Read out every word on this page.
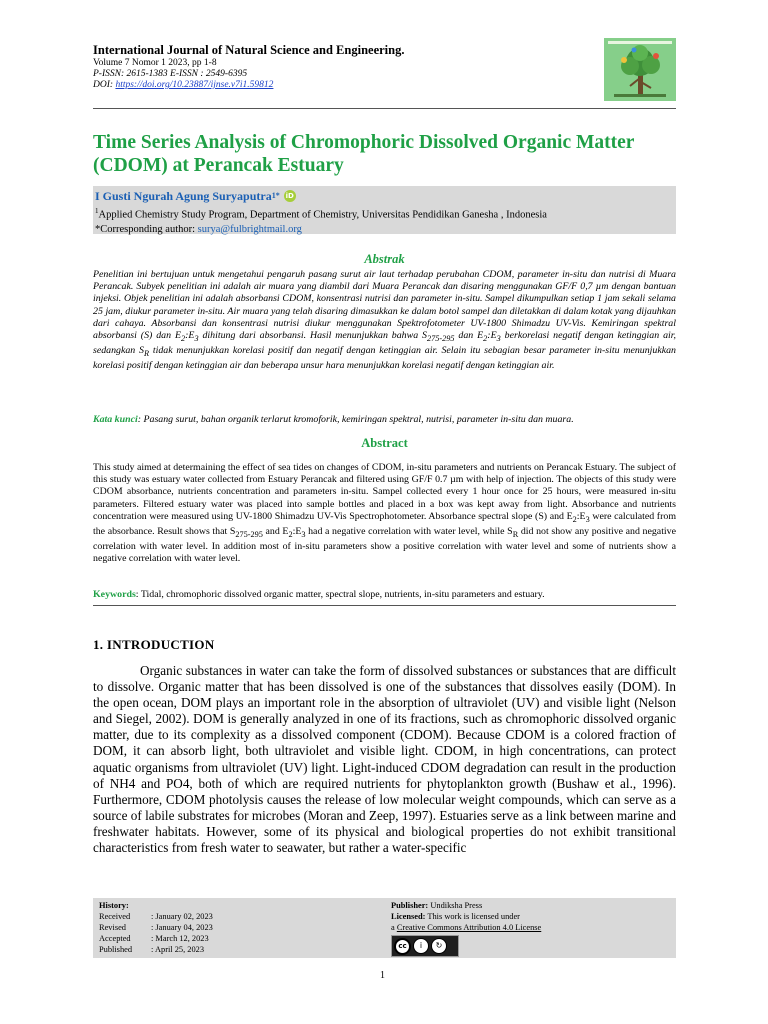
International Journal of Natural Science and Engineering.
Volume 7 Nomor 1 2023, pp 1-8
P-ISSN: 2615-1383 E-ISSN : 2549-6395
DOI: https://doi.org/10.23887/ijnse.v7i1.59812
Time Series Analysis of Chromophoric Dissolved Organic Matter (CDOM) at Perancak Estuary
I Gusti Ngurah Agung Suryaputra 1* iD
$^1$Applied Chemistry Study Program, Department of Chemistry, Universitas Pendidikan Ganesha , Indonesia
*Corresponding author: surya@fulbrightmail.org
Abstrak
Penelitian ini bertujuan untuk mengetahui pengaruh pasang surut air laut terhadap perubahan CDOM, parameter in-situ dan nutrisi di Muara Perancak. Subyek penelitian ini adalah air muara yang diambil dari Muara Perancak dan disaring menggunakan GF/F 0,7 µm dengan bantuan injeksi. Objek penelitian ini adalah absorbansi CDOM, konsentrasi nutrisi dan parameter in-situ. Sampel dikumpulkan setiap 1 jam sekali selama 25 jam, diukur parameter in-situ. Air muara yang telah disaring dimasukkan ke dalam botol sampel dan diletakkan di dalam kotak yang dijauhkan dari cahaya. Absorbansi dan konsentrasi nutrisi diukur menggunakan Spektrofotometer UV-1800 Shimadzu UV-Vis. Kemiringan spektral absorbansi (S) dan $E_2:E_3$ dihitung dari absorbansi. Hasil menunjukkan bahwa $S_{275-295}$ dan $E_2:E_3$ berkorelasi negatif dengan ketinggian air, sedangkan $S_R$ tidak menunjukkan korelasi positif dan negatif dengan ketinggian air. Selain itu sebagian besar parameter in-situ menunjukkan korelasi positif dengan ketinggian air dan beberapa unsur hara menunjukkan korelasi negatif dengan ketinggian air.
Kata kunci: Pasang surut, bahan organik terlarut kromoforik, kemiringan spektral, nutrisi, parameter in-situ dan muara.
Abstract
This study aimed at determaining the effect of sea tides on changes of CDOM, in-situ parameters and nutrients on Perancak Estuary. The subject of this study was estuary water collected from Estuary Perancak and filtered using GF/F 0.7 µm with help of injection. The objects of this study were CDOM absorbance, nutrients concentration and parameters in-situ. Sampel collected every 1 hour once for 25 hours, were measured in-situ parameters. Filtered estuary water was placed into sample bottles and placed in a box was kept away from light. Absorbance and nutrients concentration were measured using UV-1800 Shimadzu UV-Vis Spectrophotometer. Absorbance spectral slope (S) and $E_2:E_3$ were calculated from the absorbance. Result shows that $S_{275-295}$ and $E_2:E_3$ had a negative correlation with water level, while $S_R$ did not show any positive and negative correlation with water level. In addition most of in-situ parameters show a positive correlation with water level and some of nutrients show a negative correlation with water level.
Keywords: Tidal, chromophoric dissolved organic matter, spectral slope, nutrients, in-situ parameters and estuary.
1. INTRODUCTION
Organic substances in water can take the form of dissolved substances or substances that are difficult to dissolve. Organic matter that has been dissolved is one of the substances that dissolves easily (DOM). In the open ocean, DOM plays an important role in the absorption of ultraviolet (UV) and visible light (Nelson and Siegel, 2002). DOM is generally analyzed in one of its fractions, such as chromophoric dissolved organic matter, due to its complexity as a dissolved component (CDOM). Because CDOM is a colored fraction of DOM, it can absorb light, both ultraviolet and visible light. CDOM, in high concentrations, can protect aquatic organisms from ultraviolet (UV) light. Light-induced CDOM degradation can result in the production of NH4 and PO4, both of which are required nutrients for phytoplankton growth (Bushaw et al., 1996). Furthermore, CDOM photolysis causes the release of low molecular weight compounds, which can serve as a source of labile substrates for microbes (Moran and Zeep, 1997). Estuaries serve as a link between marine and freshwater habitats. However, some of its physical and biological properties do not exhibit transitional characteristics from fresh water to seawater, but rather a water-specific
History:
Received	: January 02, 2023
Revised	: January 04, 2023
Accepted	: March 12, 2023
Published	: April 25, 2023
Publisher: Undiksha Press
Licensed: This work is licensed under
a Creative Commons Attribution 4.0 License
cc	i	↻
1
